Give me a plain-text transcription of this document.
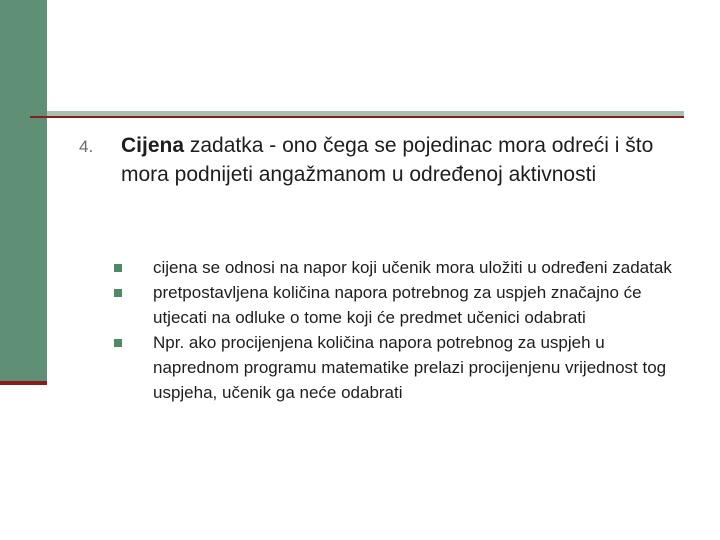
4. Cijena zadatka - ono čega se pojedinac mora odreći i što mora podnijeti angažmanom u određenoj aktivnosti
cijena se odnosi na napor koji učenik mora uložiti u određeni zadatak
pretpostavljena količina napora potrebnog za uspjeh značajno će utjecati na odluke o tome koji će predmet učenici odabrati
Npr. ako procijenjena količina napora potrebnog za uspjeh u naprednom programu matematike prelazi procijenjenu vrijednost tog uspjeha, učenik ga neće odabrati
